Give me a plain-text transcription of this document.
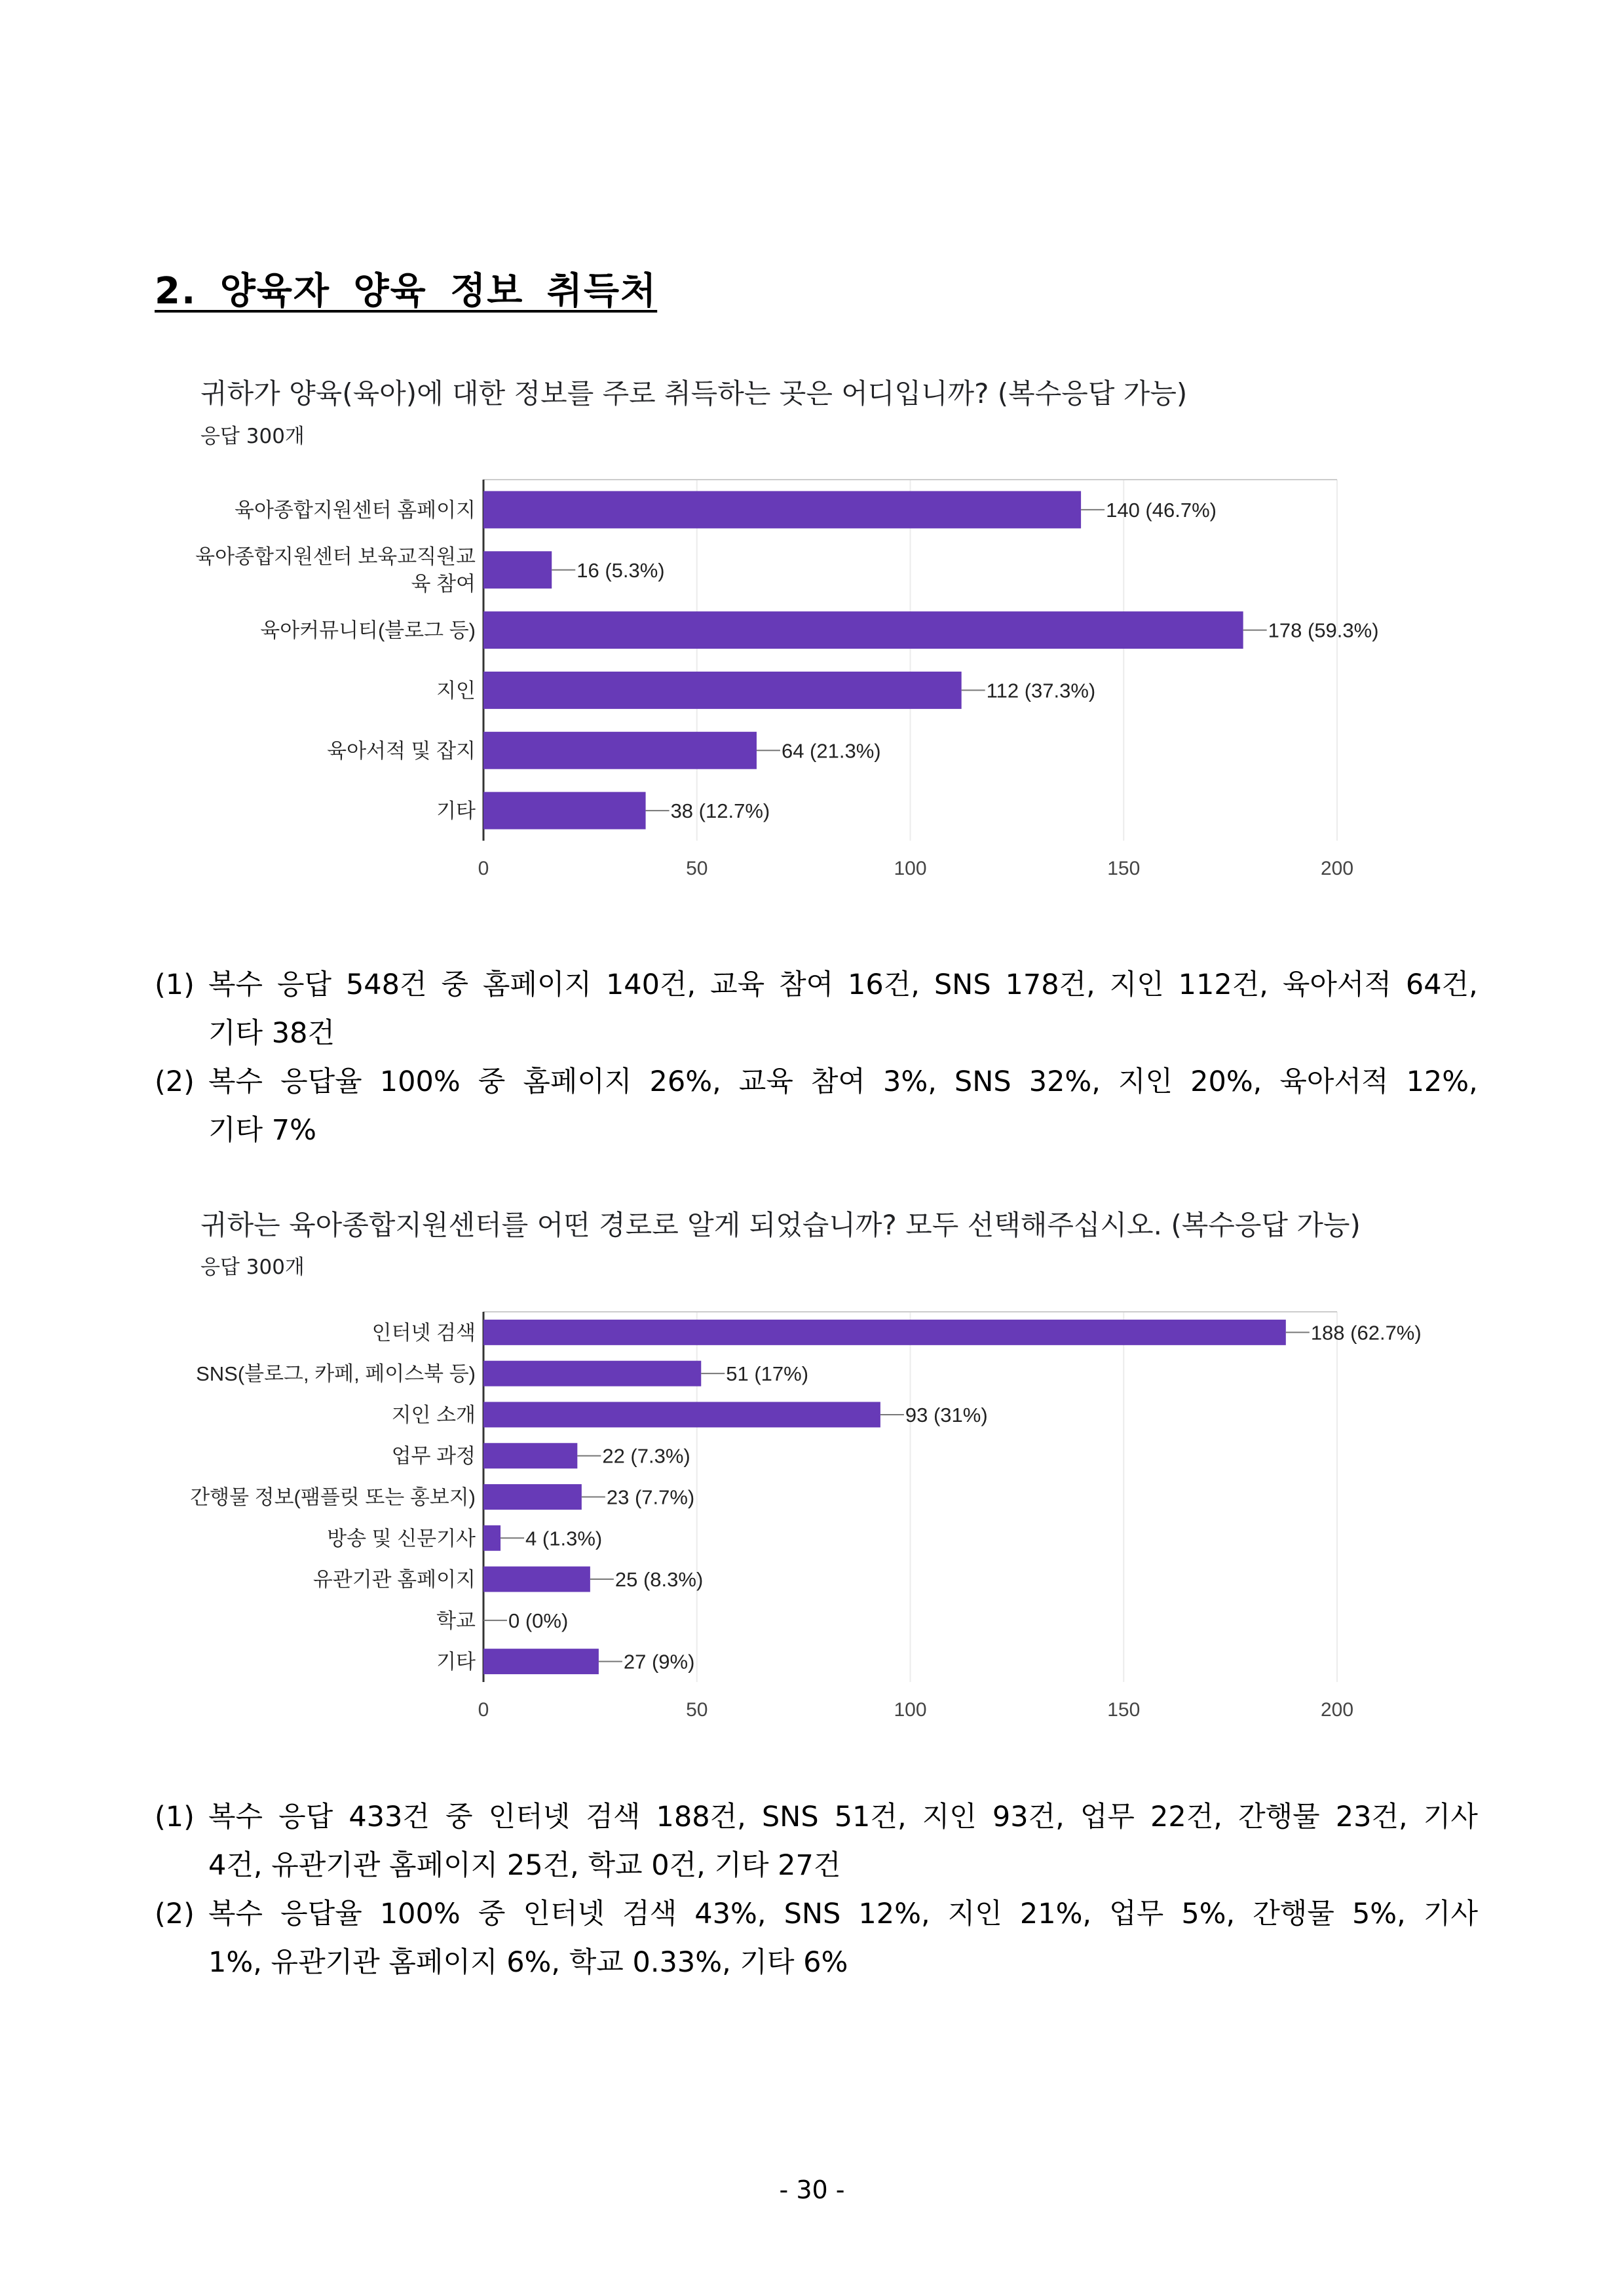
2. 양육자 양육 정보 취득처
귀하가 양육(육아)에 대한 정보를 주로 취득하는 곳은 어디입니까? (복수응답 가능)
응답 300개
0	50	100	150	200
140 (46.7%)
육아종합지원센터 홈페이지
16 (5.3%)
육아종합지원센터 보육교직원교
육 참여
178 (59.3%)
육아커뮤니티(블로그 등)
112 (37.3%)
지인
64 (21.3%)
육아서적 및 잡지
38 (12.7%)
기타
(1) 복수 응답 548건 중 홈페이지 140건, 교육 참여 16건, SNS 178건, 지인 112건, 육아서적 64건,
기타 38건
(2) 복수 응답율 100% 중 홈페이지 26%, 교육 참여 3%, SNS 32%, 지인 20%, 육아서적 12%,
기타 7%
귀하는 육아종합지원센터를 어떤 경로로 알게 되었습니까? 모두 선택해주십시오. (복수응답 가능)
응답 300개
0	50	100	150	200
188 (62.7%)
인터넷 검색
51 (17%)
SNS(블로그, 카페, 페이스북 등)
93 (31%)
지인 소개
22 (7.3%)
업무 과정
23 (7.7%)
간행물 정보(팸플릿 또는 홍보지)
4 (1.3%)
방송 및 신문기사
25 (8.3%)
유관기관 홈페이지
0 (0%)
학교
27 (9%)
기타
(1) 복수 응답 433건 중 인터넷 검색 188건, SNS 51건, 지인 93건, 업무 22건, 간행물 23건, 기사
4건, 유관기관 홈페이지 25건, 학교 0건, 기타 27건
(2) 복수 응답율 100% 중 인터넷 검색 43%, SNS 12%, 지인 21%, 업무 5%, 간행물 5%, 기사
1%, 유관기관 홈페이지 6%, 학교 0.33%, 기타 6%
- 30 -
